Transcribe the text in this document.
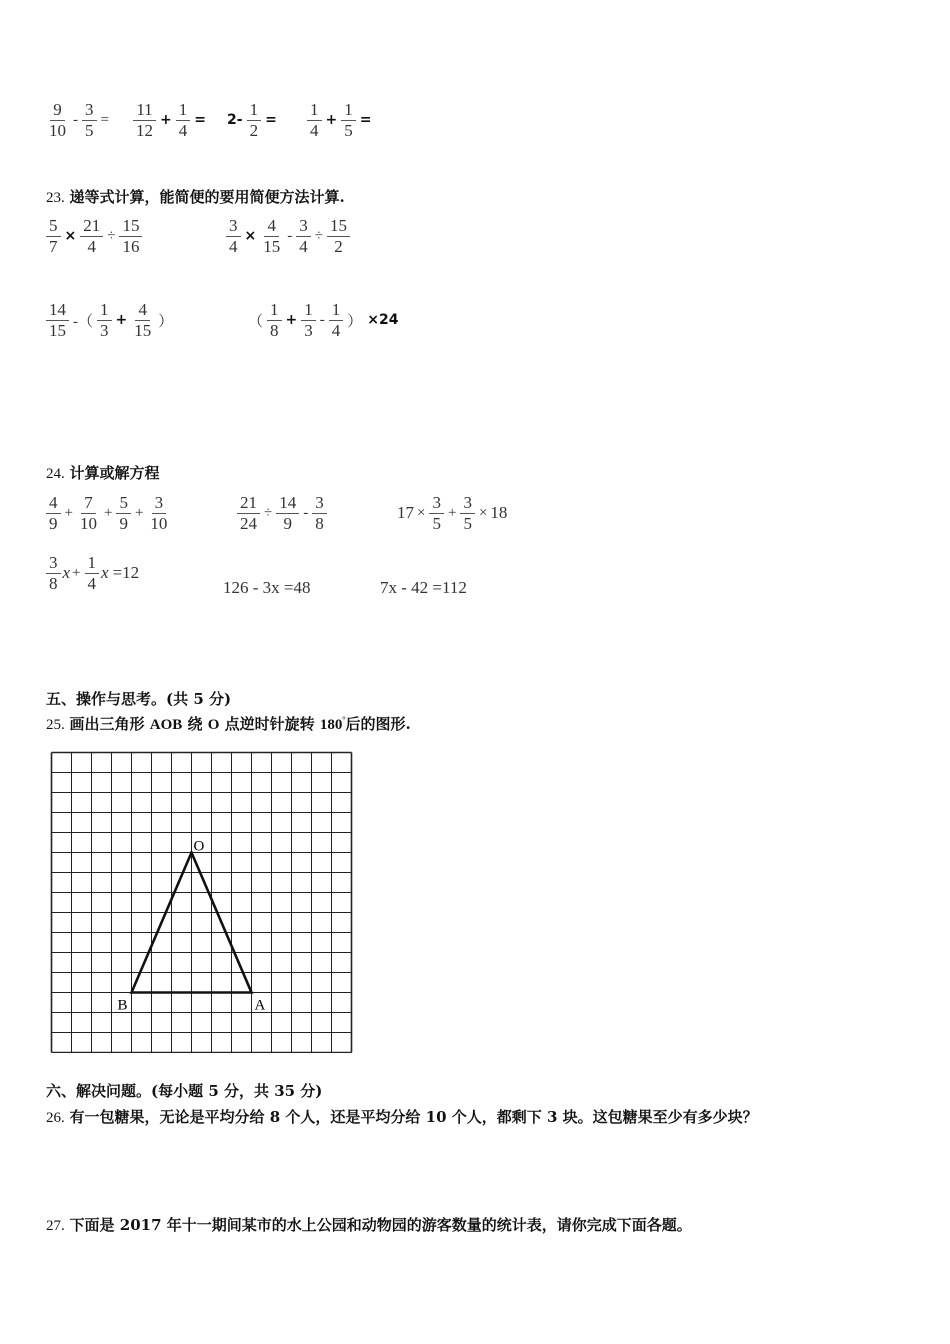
$\frac{9}{10} - \frac{3}{5} = \frac{11}{12} + \frac{1}{4} = 2- \frac{1}{2} = \frac{1}{4} + \frac{1}{5}$ =
23. 递等式计算，能简便的要用简便方法计算.
$\frac{5}{7} \times \frac{21}{4} \div \frac{15}{16}$	$\frac{3}{4} \times \frac{4}{15} - \frac{3}{4} \div \frac{15}{2}$
$\frac{14}{15}$ -（ $\frac{1}{3} + \frac{4}{15}$ ）	（ $\frac{1}{8} + \frac{1}{3} - \frac{1}{4}$ ） ×24
24. 计算或解方程
$\frac{4}{9} + \frac{7}{10} + \frac{5}{9} + \frac{3}{10}$	$\frac{21}{24} \div \frac{14}{9} - \frac{3}{8}$	$17 \times \frac{3}{5} + \frac{3}{5} \times 18$
$\frac{3}{8}$ $x + \frac{1}{4}$ x =12
126 - 3x =48	7x - 42 =112
五、操作与思考。(共 5 分)
25. 画出三角形 AOB 绕 O 点逆时针旋转 $180^º$后的图形.
O
A
B
六、解决问题。(每小题 5 分，共 35 分)
26. 有一包糖果，无论是平均分给 8 个人，还是平均分给 10 个人，都剩下 3 块。这包糖果至少有多少块？
27. 下面是 2017 年十一期间某市的水上公园和动物园的游客数量的统计表，请你完成下面各题。
